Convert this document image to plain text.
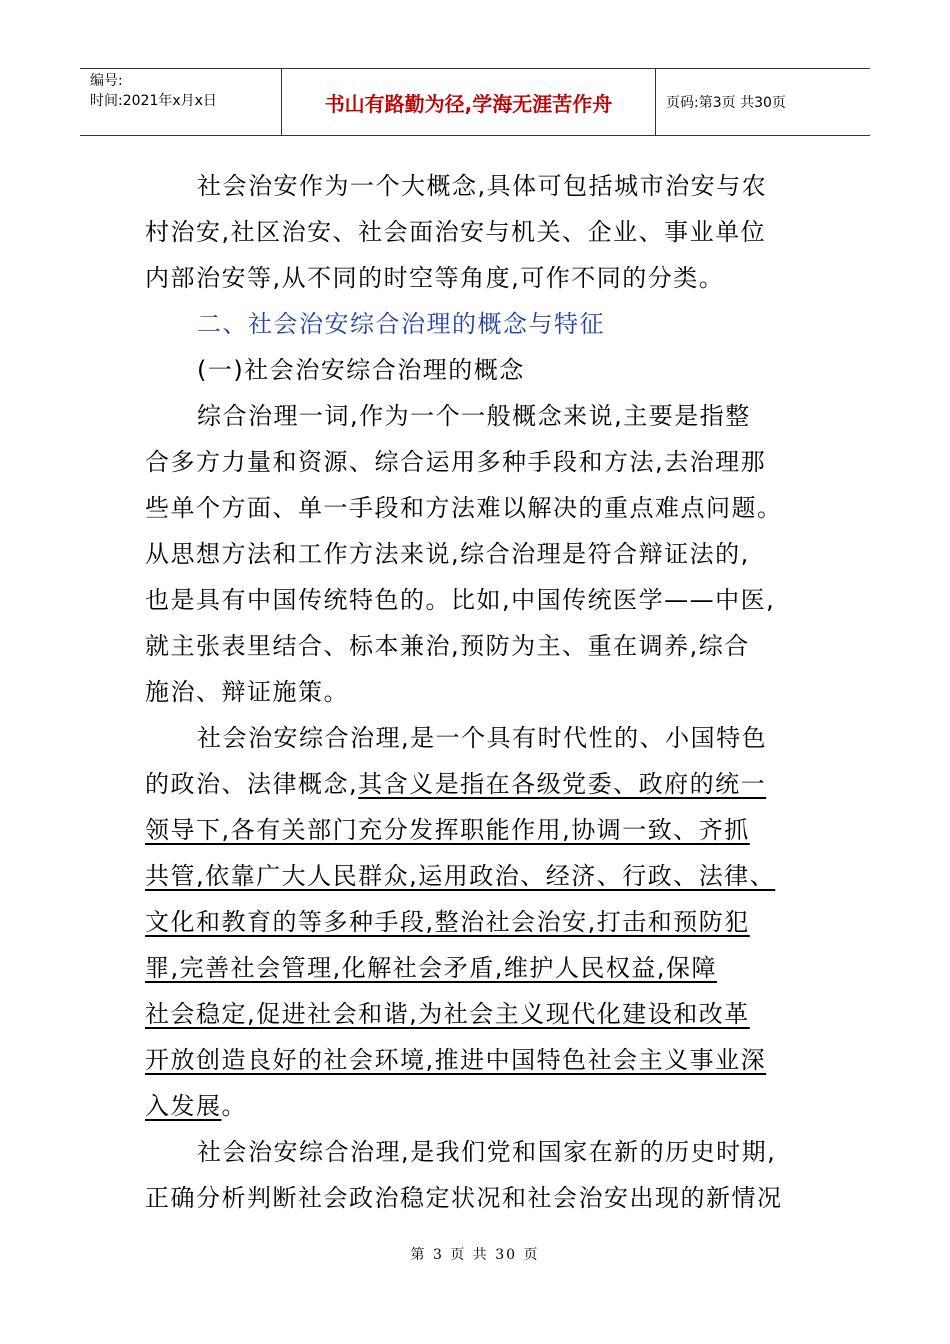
编号:
时间:2021年x月x日	书山有路勤为径,学海无涯苦作舟	页码:第3页 共30页
社会治安作为一个大概念,具体可包括城市治安与农
村治安,社区治安、社会面治安与机关、企业、事业单位
内部治安等,从不同的时空等角度,可作不同的分类。
二、社会治安综合治理的概念与特征
(一)社会治安综合治理的概念
综合治理一词,作为一个一般概念来说,主要是指整
合多方力量和资源、综合运用多种手段和方法,去治理那
些单个方面、单一手段和方法难以解决的重点难点问题。
从思想方法和工作方法来说,综合治理是符合辩证法的,
也是具有中国传统特色的。比如,中国传统医学——中医,
就主张表里结合、标本兼治,预防为主、重在调养,综合
施治、辩证施策。
社会治安综合治理,是一个具有时代性的、小国特色
的政治、法律概念,其含义是指在各级党委、政府的统一
领导下,各有关部门充分发挥职能作用,协调一致、齐抓
共管,依靠广大人民群众,运用政治、经济、行政、法律、
文化和教育的等多种手段,整治社会治安,打击和预防犯
罪,完善社会管理,化解社会矛盾,维护人民权益,保障
社会稳定,促进社会和谐,为社会主义现代化建设和改革
开放创造良好的社会环境,推进中国特色社会主义事业深
入发展。
社会治安综合治理,是我们党和国家在新的历史时期,
正确分析判断社会政治稳定状况和社会治安出现的新情况
第 3 页 共 30 页
